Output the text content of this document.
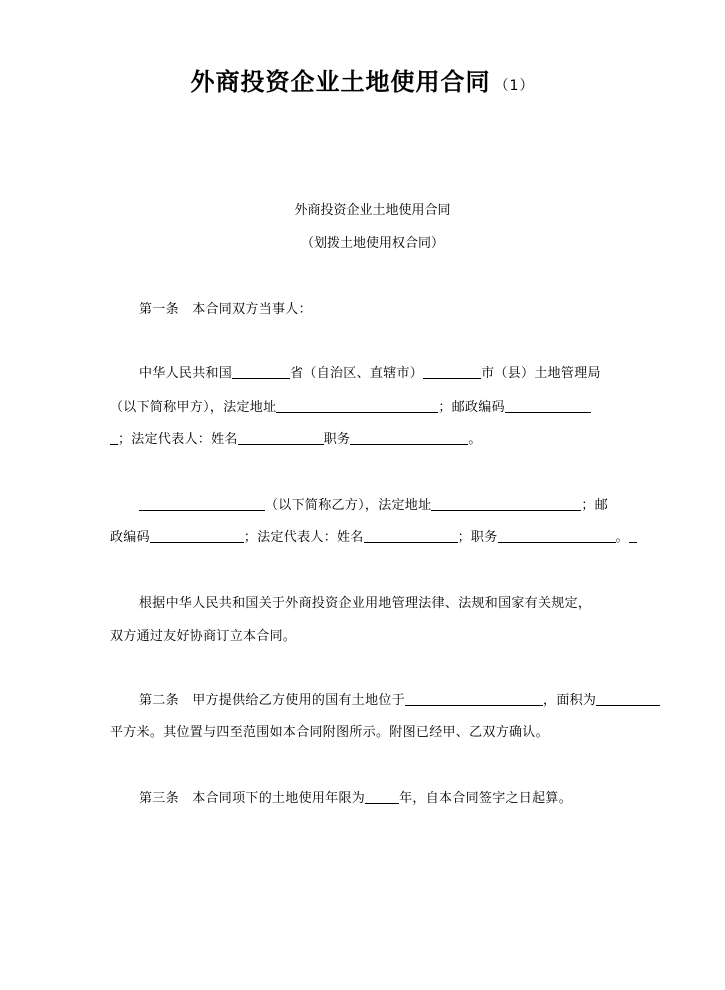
外商投资企业土地使用合同 （1）
外商投资企业土地使用合同
（划拨土地使用权合同）
第一条　本合同双方当事人：
中华人民共和国	省（自治区、直辖市）	市（县）土地管理局
（以下简称甲方），法定地址	；邮政编码
；法定代表人：姓名	职务	。
（以下简称乙方），法定地址	；邮
政编码	；法定代表人：姓名	；职务	。
根据中华人民共和国关于外商投资企业用地管理法律、法规和国家有关规定，
双方通过友好协商订立本合同。
第二条　甲方提供给乙方使用的国有土地位于	，面积为
平方米。其位置与四至范围如本合同附图所示。附图已经甲、乙双方确认。
第三条　本合同项下的土地使用年限为	年，自本合同签字之日起算。
